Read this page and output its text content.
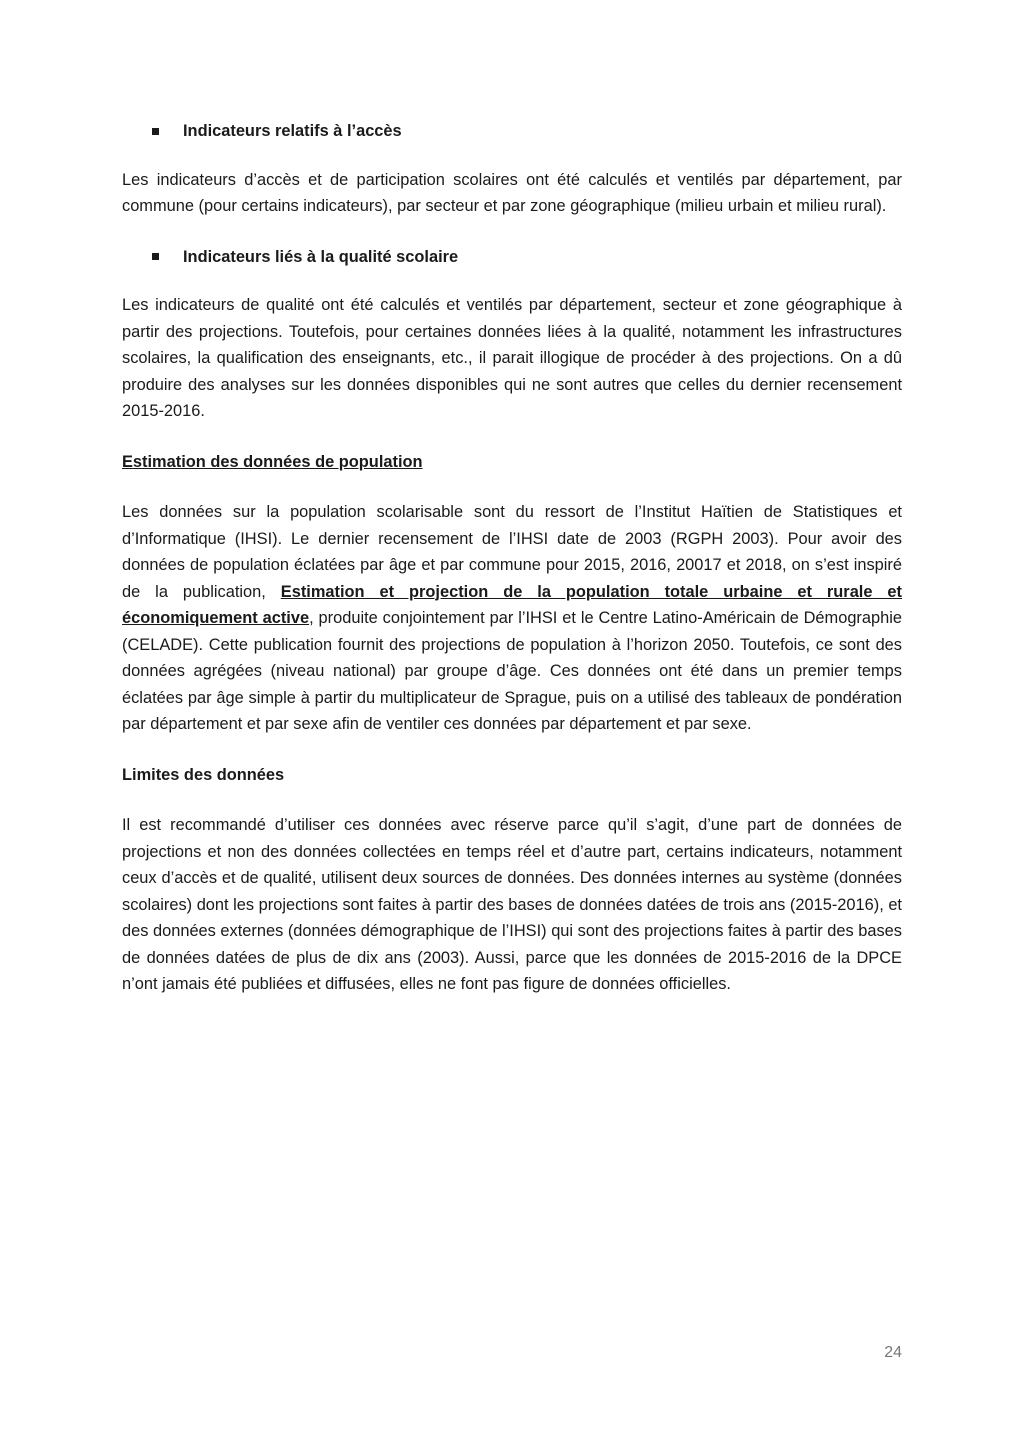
Indicateurs relatifs à l’accès

Les indicateurs d’accès et de participation scolaires ont été calculés et ventilés par département, par commune (pour certains indicateurs), par secteur et par zone géographique (milieu urbain et milieu rural).

Indicateurs liés à la qualité scolaire

Les indicateurs de qualité ont été calculés et ventilés par département, secteur et zone géographique à partir des projections. Toutefois, pour certaines données liées à la qualité, notamment les infrastructures scolaires, la qualification des enseignants, etc., il parait illogique de procéder à des projections. On a dû produire des analyses sur les données disponibles qui ne sont autres que celles du dernier recensement 2015-2016.

Estimation des données de population

Les données sur la population scolarisable sont du ressort de l’Institut Haïtien de Statistiques et d’Informatique (IHSI). Le dernier recensement de l’IHSI date de 2003 (RGPH 2003). Pour avoir des données de population éclatées par âge et par commune pour 2015, 2016, 20017 et 2018, on s’est inspiré de la publication, Estimation et projection de la population totale urbaine et rurale et économiquement active, produite conjointement par l’IHSI et le Centre Latino-Américain de Démographie (CELADE). Cette publication fournit des projections de population à l’horizon 2050. Toutefois, ce sont des données agrégées (niveau national) par groupe d’âge. Ces données ont été dans un premier temps éclatées par âge simple à partir du multiplicateur de Sprague, puis on a utilisé des tableaux de pondération par département et par sexe afin de ventiler ces données par département et par sexe.

Limites des données

Il est recommandé d’utiliser ces données avec réserve parce qu’il s’agit, d’une part de données de projections et non des données collectées en temps réel et d’autre part, certains indicateurs, notamment ceux d’accès et de qualité, utilisent deux sources de données. Des données internes au système (données scolaires) dont les projections sont faites à partir des bases de données datées de trois ans (2015-2016), et des données externes (données démographique de l’IHSI) qui sont des projections faites à partir des bases de données datées de plus de dix ans (2003). Aussi, parce que les données de 2015-2016 de la DPCE n’ont jamais été publiées et diffusées, elles ne font pas figure de données officielles.

24
